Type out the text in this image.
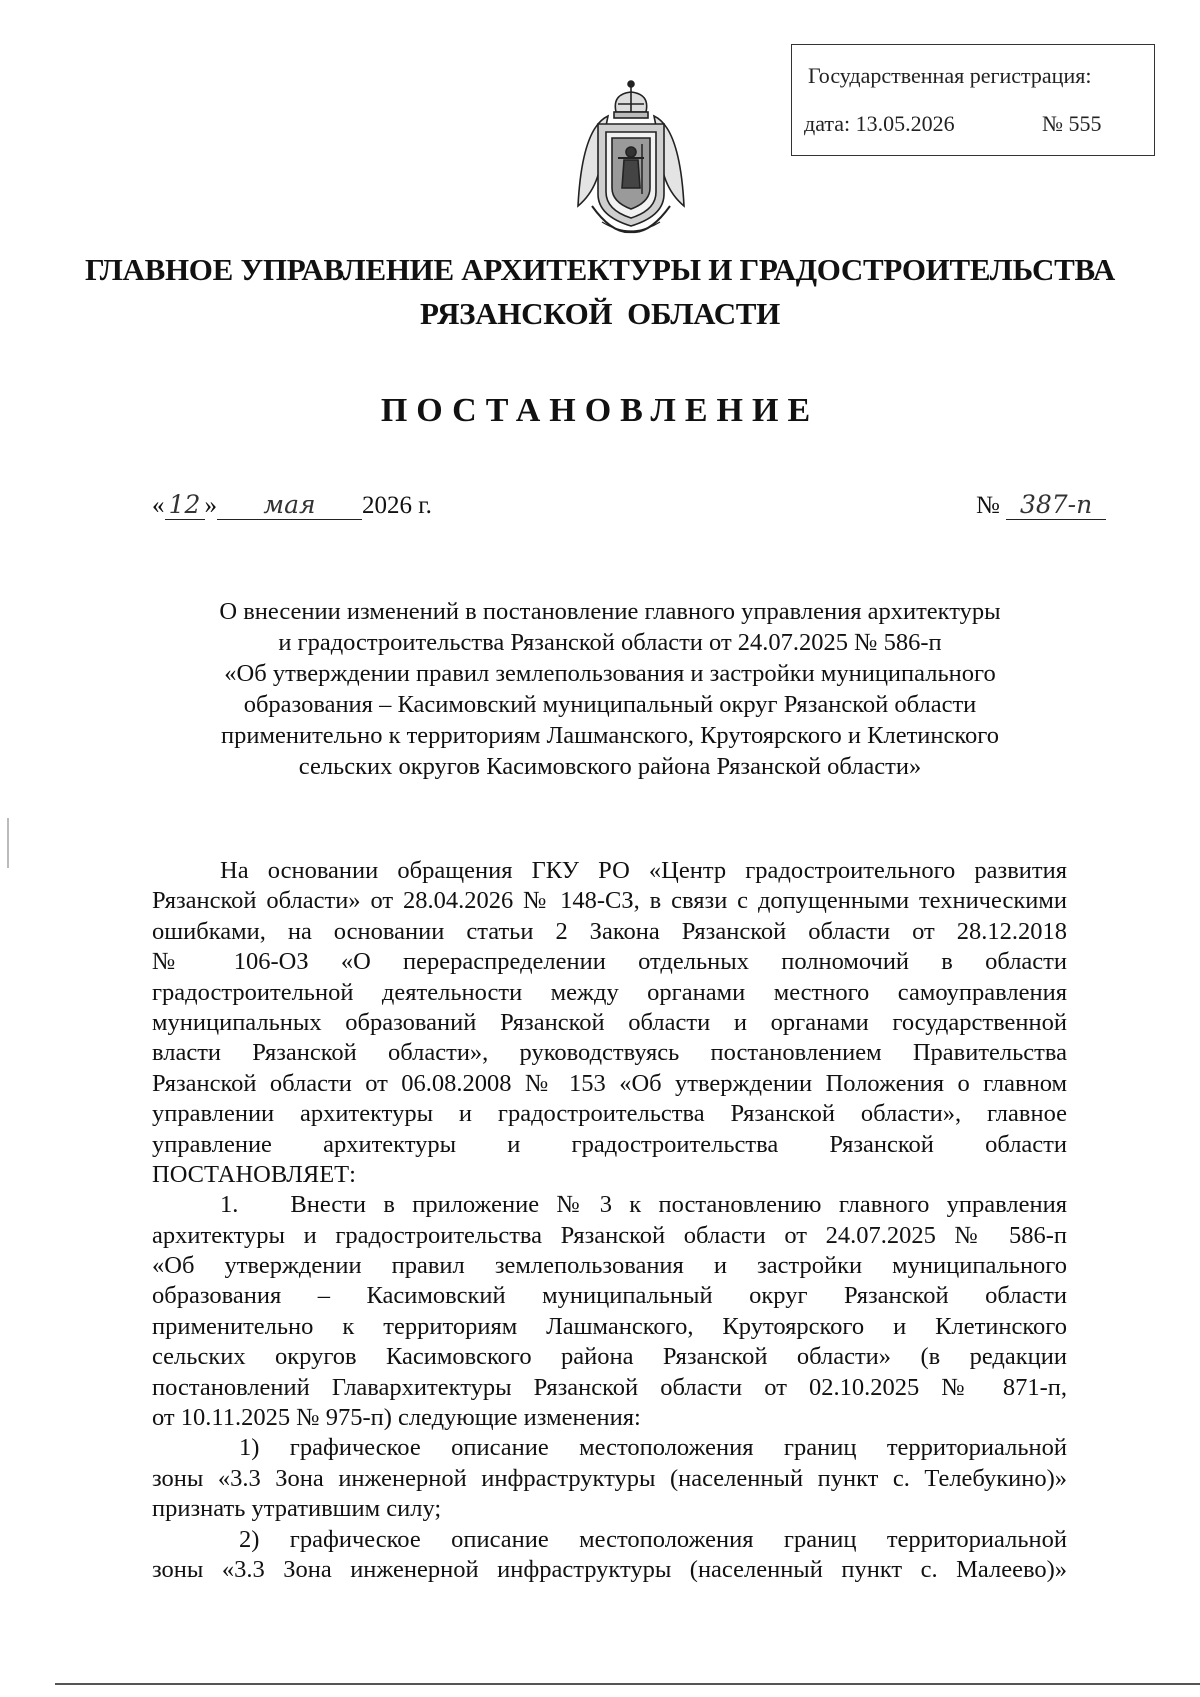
Государственная регистрация:
дата: 13.05.2026	№ 555
ГЛАВНОЕ УПРАВЛЕНИЕ АРХИТЕКТУРЫ И ГРАДОСТРОИТЕЛЬСТВА
РЯЗАНСКОЙ  ОБЛАСТИ
ПОСТАНОВЛЕНИЕ
« 12 » мая 2026 г.	№ 387-п
О внесении изменений в постановление главного управления архитектуры
и градостроительства Рязанской области от 24.07.2025 № 586-п
«Об утверждении правил землепользования и застройки муниципального
образования – Касимовский муниципальный округ Рязанской области
применительно к территориям Лашманского, Крутоярского и Клетинского
сельских округов Касимовского района Рязанской области»
На основании обращения ГКУ РО «Центр градостроительного развития
Рязанской области» от 28.04.2026 № 148-СЗ, в связи с допущенными техническими
ошибками, на основании статьи 2 Закона Рязанской области от 28.12.2018
№ 106-ОЗ «О перераспределении отдельных полномочий в области
градостроительной деятельности между органами местного самоуправления
муниципальных образований Рязанской области и органами государственной
власти Рязанской области», руководствуясь постановлением Правительства
Рязанской области от 06.08.2008 № 153 «Об утверждении Положения о главном
управлении архитектуры и градостроительства Рязанской области», главное
управление архитектуры и градостроительства Рязанской области
ПОСТАНОВЛЯЕТ:
1.      Внести  в  приложение  №  3  к  постановлению  главного  управления
архитектуры и градостроительства Рязанской области от 24.07.2025 № 586-п
«Об утверждении правил землепользования и застройки муниципального
образования – Касимовский муниципальный округ Рязанской области
применительно к территориям Лашманского, Крутоярского и Клетинского
сельских округов Касимовского района Рязанской области» (в редакции
постановлений Главархитектуры Рязанской области от 02.10.2025 № 871-п,
от 10.11.2025 № 975-п) следующие изменения:
1) графическое описание местоположения границ территориальной
зоны «3.3 Зона инженерной инфраструктуры (населенный пункт с. Телебукино)»
признать утратившим силу;
2) графическое описание местоположения границ территориальной
зоны «3.3 Зона инженерной инфраструктуры (населенный пункт с. Малеево)»
